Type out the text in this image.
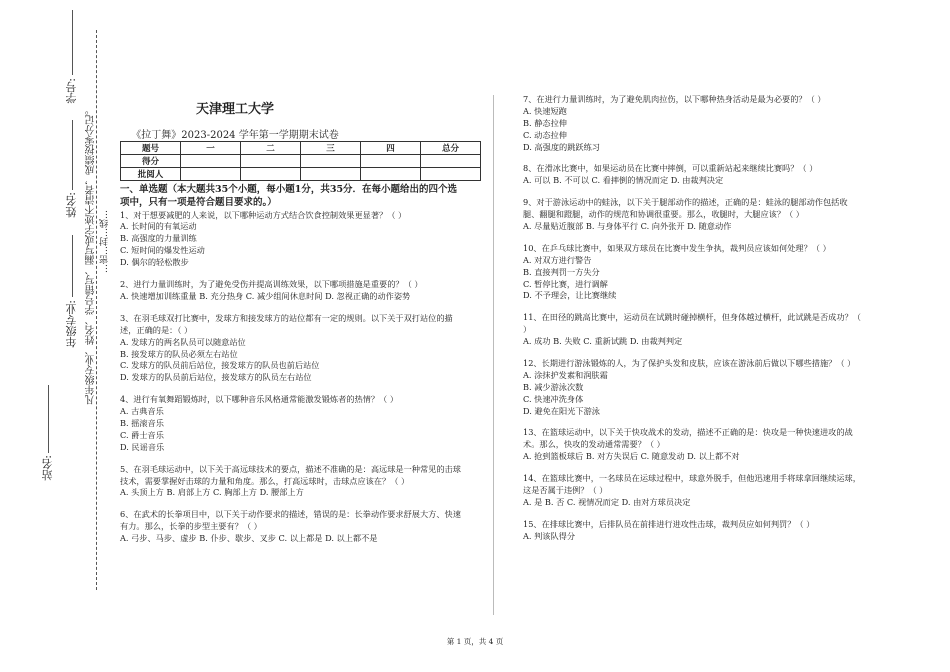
学号:
姓名:
年级专业:
站名:
凡年级专业、姓名、学号错写、漏写或字迹不清者，成绩按零分记。 …密…封…线…
天津理工大学
《拉丁舞》2023-2024 学年第一学期期末试卷
题号	一	二	三	四	总分
得分					
批阅人					

一、单选题（本大题共35个小题，每小题1分，共35分．在每小题给出的四个选项中，只有一项是符合题目要求的。）

1、对于想要减肥的人来说，以下哪种运动方式结合饮食控制效果更显著？（ ）

A. 长时间的有氧运动

B. 高强度的力量训练

C. 短时间的爆发性运动

D. 偶尔的轻松散步

2、进行力量训练时，为了避免受伤并提高训练效果，以下哪项措施是重要的？（ ）

A. 快速增加训练重量 B. 充分热身 C. 减少组间休息时间 D. 忽视正确的动作姿势

3、在羽毛球双打比赛中，发球方和接发球方的站位都有一定的规则。以下关于双打站位的描述，正确的是：（ ）

A. 发球方的两名队员可以随意站位

B. 接发球方的队员必须左右站位

C. 发球方的队员前后站位，接发球方的队员也前后站位

D. 发球方的队员前后站位，接发球方的队员左右站位

4、进行有氧舞蹈锻炼时，以下哪种音乐风格通常能激发锻炼者的热情？（ ）

A. 古典音乐

B. 摇滚音乐

C. 爵士音乐

D. 民谣音乐

5、在羽毛球运动中，以下关于高远球技术的要点，描述不准确的是：高远球是一种常见的击球技术，需要掌握好击球的力量和角度。那么，打高远球时，击球点应该在？（ ）

A. 头顶上方 B. 肩部上方 C. 胸部上方 D. 腰部上方

6、在武术的长拳项目中，以下关于动作要求的描述，错误的是：长拳动作要求舒展大方、快速有力。那么，长拳的步型主要有？（ ）

A. 弓步、马步、虚步 B. 仆步、歇步、叉步 C. 以上都是 D. 以上都不是

7、在进行力量训练时，为了避免肌肉拉伤，以下哪种热身活动是最为必要的？（ ）

A. 快速短跑

B. 静态拉伸

C. 动态拉伸

D. 高强度的跳跃练习

8、在滑冰比赛中，如果运动员在比赛中摔倒，可以重新站起来继续比赛吗？（ ）

A. 可以 B. 不可以 C. 看摔倒的情况而定 D. 由裁判决定

9、对于游泳运动中的蛙泳，以下关于腿部动作的描述，正确的是：蛙泳的腿部动作包括收腿、翻腿和蹬腿，动作的规范和协调很重要。那么，收腿时，大腿应该？（ ）

A. 尽量贴近腹部 B. 与身体平行 C. 向外张开 D. 随意动作

10、在乒乓球比赛中，如果双方球员在比赛中发生争执，裁判员应该如何处理？（ ）

A. 对双方进行警告

B. 直接判罚一方失分

C. 暂停比赛，进行调解

D. 不予理会，让比赛继续

11、在田径的跳高比赛中，运动员在试跳时碰掉横杆，但身体越过横杆，此试跳是否成功？（ ）

A. 成功 B. 失败 C. 重新试跳 D. 由裁判判定

12、长期进行游泳锻炼的人，为了保护头发和皮肤，应该在游泳前后做以下哪些措施？（ ）

A. 涂抹护发素和润肤霜

B. 减少游泳次数

C. 快速冲洗身体

D. 避免在阳光下游泳

13、在篮球运动中，以下关于快攻战术的发动，描述不正确的是：快攻是一种快速进攻的战术。那么，快攻的发动通常需要？（ ）

A. 抢到篮板球后 B. 对方失误后 C. 随意发动 D. 以上都不对

14、在篮球比赛中，一名球员在运球过程中，球意外脱手，但他迅速用手将球拿回继续运球，这是否属于违例？（ ）

A. 是 B. 否 C. 视情况而定 D. 由对方球员决定

15、在排球比赛中，后排队员在前排进行进攻性击球，裁判员应如何判罚？（ ）

A. 判该队得分

第 1 页，共 4 页
